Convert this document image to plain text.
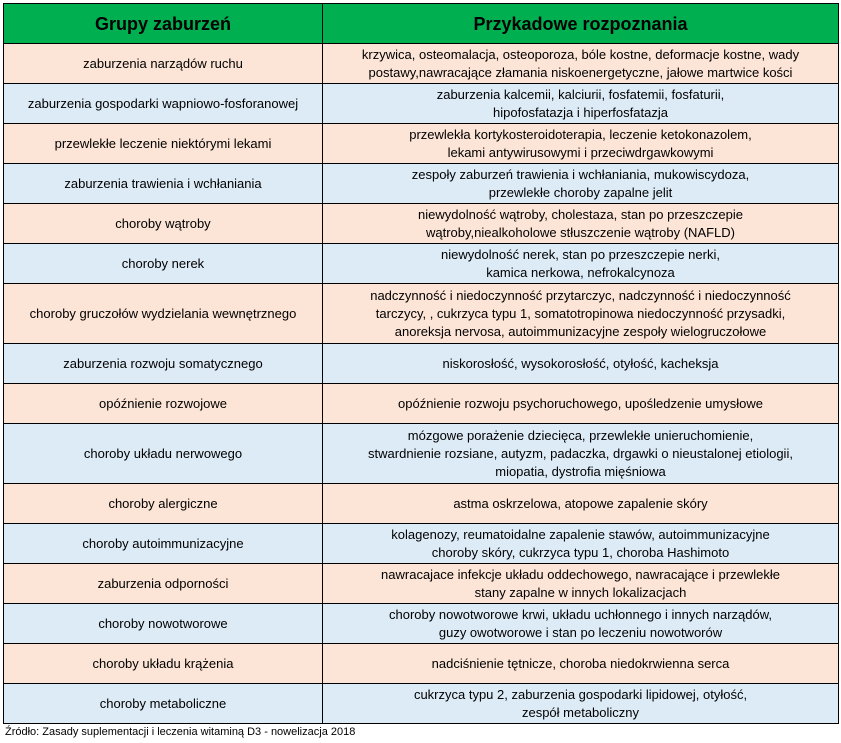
Grupy zaburzeń	Przykadowe rozpoznania
zaburzenia narządów ruchu	krzywica, osteomalacja, osteoporoza, bóle kostne, deformacje kostne, wady
postawy,nawracające złamania niskoenergetyczne, jałowe martwice kości
zaburzenia gospodarki wapniowo-fosforanowej	zaburzenia kalcemii, kalciurii, fosfatemii, fosfaturii,
hipofosfatazja i hiperfosfatazja
przewlekłe leczenie niektórymi lekami	przewlekła kortykosteroidoterapia, leczenie ketokonazolem,
lekami antywirusowymi i przeciwdrgawkowymi
zaburzenia trawienia i wchłaniania	zespoły zaburzeń trawienia i wchłaniania, mukowiscydoza,
przewlekłe choroby zapalne jelit
choroby wątroby	niewydolność wątroby, cholestaza, stan po przeszczepie
wątroby,niealkoholowe stłuszczenie wątroby (NAFLD)
choroby nerek	niewydolność nerek, stan po przeszczepie nerki,
kamica nerkowa, nefrokalcynoza
choroby gruczołów wydzielania wewnętrznego	nadczynność i niedoczynność przytarczyc, nadczynność i niedoczynność
tarczycy, , cukrzyca typu 1, somatotropinowa niedoczynność przysadki,
anoreksja nervosa, autoimmunizacyjne zespoły wielogruczołowe
zaburzenia rozwoju somatycznego	niskorosłość, wysokorosłość, otyłość, kacheksja
opóźnienie rozwojowe	opóźnienie rozwoju psychoruchowego, upośledzenie umysłowe
choroby układu nerwowego	mózgowe porażenie dziecięca, przewlekłe unieruchomienie,
stwardnienie rozsiane, autyzm, padaczka, drgawki o nieustalonej etiologii,
miopatia, dystrofia mięśniowa
choroby alergiczne	astma oskrzelowa, atopowe zapalenie skóry
choroby autoimmunizacyjne	kolagenozy, reumatoidalne zapalenie stawów, autoimmunizacyjne
choroby skóry, cukrzyca typu 1, choroba Hashimoto
zaburzenia odporności	nawracajace infekcje układu oddechowego, nawracające i przewlekłe
stany zapalne w innych lokalizacjach
choroby nowotworowe	choroby nowotworowe krwi, układu uchłonnego i innych narządów,
guzy owotworowe i stan po leczeniu nowotworów
choroby układu krążenia	nadciśnienie tętnicze, choroba niedokrwienna serca
choroby metaboliczne	cukrzyca typu 2, zaburzenia gospodarki lipidowej, otyłość,
zespół metaboliczny
Źródło: Zasady suplementacji i leczenia witaminą D3 - nowelizacja 2018
